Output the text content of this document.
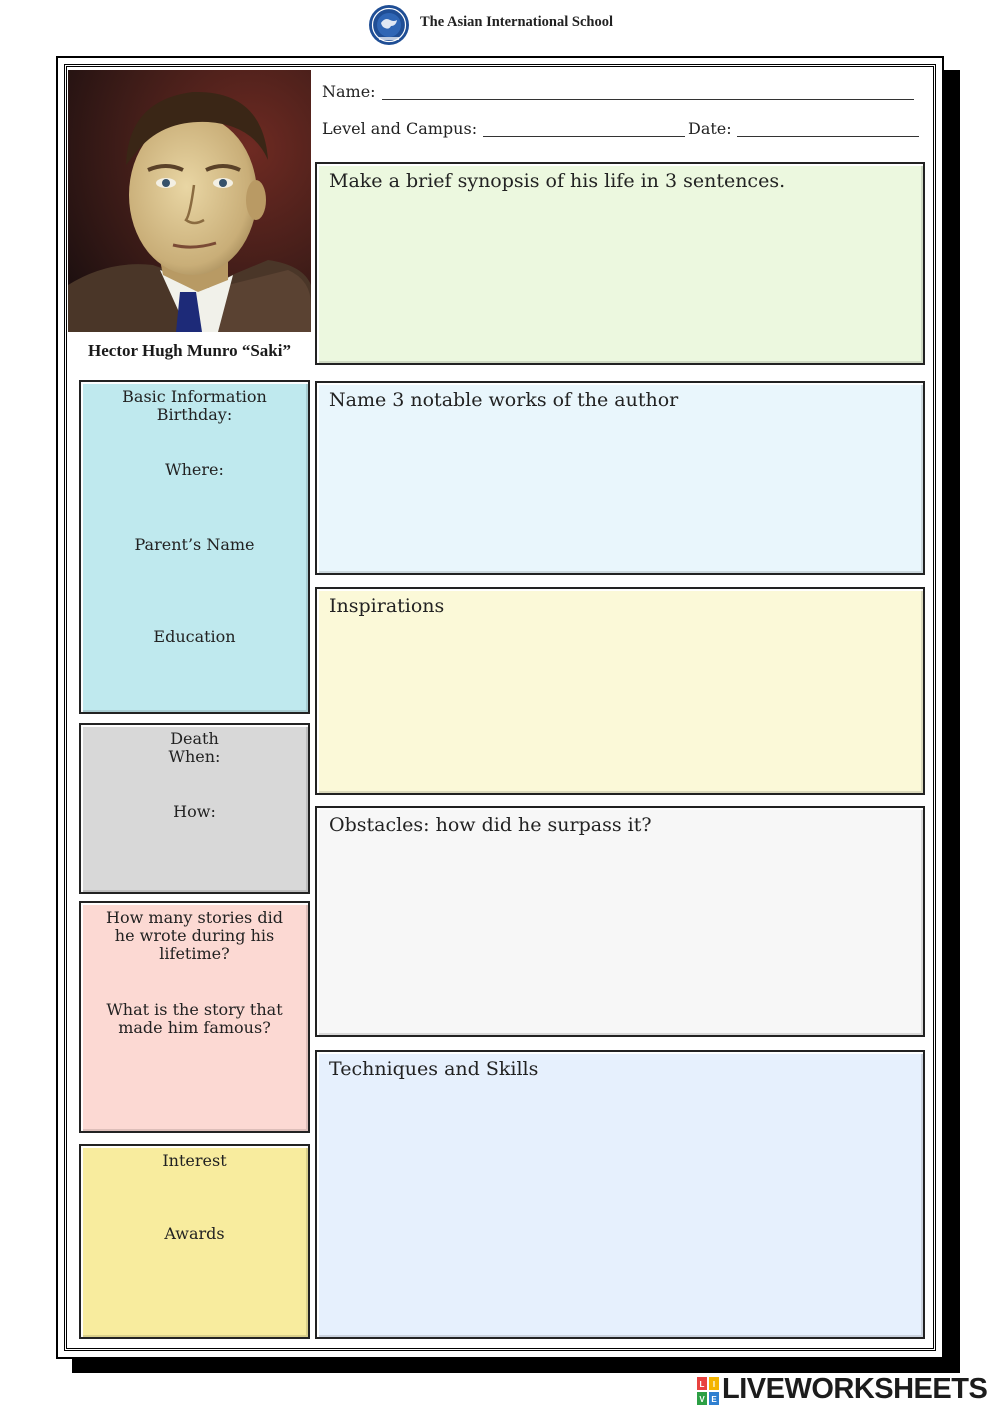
The Asian International School
Hector Hugh Munro “Saki”
Name:
Level and Campus:	Date:
Make a brief synopsis of his life in 3 sentences.
Name 3 notable works of the author
Inspirations
Obstacles: how did he surpass it?
Techniques and Skills
Basic Information
Birthday:
Where:
Parent’s Name
Education
Death
When:
How:
How many stories did
he wrote during his
lifetime?
What is the story that
made him famous?
Interest
Awards
L I
V E LIVEWORKSHEETS
